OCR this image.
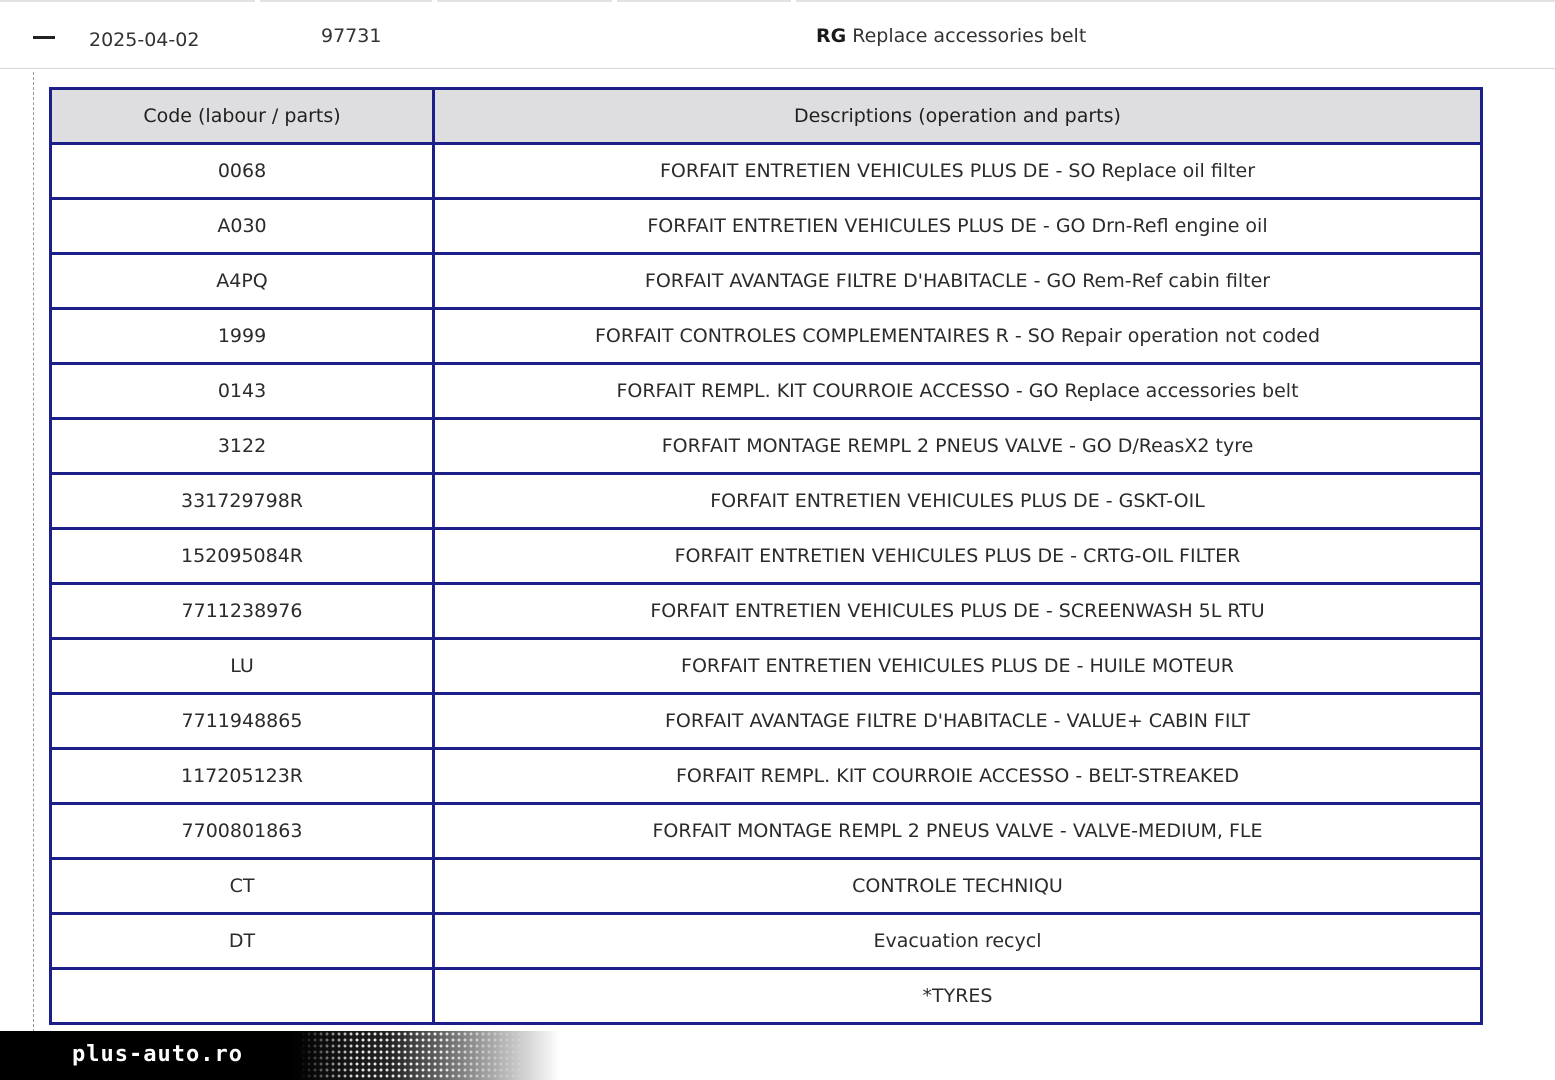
2025-04-02	97731	RG Replace accessories belt
Code (labour / parts)	Descriptions (operation and parts)
0068	FORFAIT ENTRETIEN VEHICULES PLUS DE - SO Replace oil filter
A030	FORFAIT ENTRETIEN VEHICULES PLUS DE - GO Drn-Refl engine oil
A4PQ	FORFAIT AVANTAGE FILTRE D'HABITACLE - GO Rem-Ref cabin filter
1999	FORFAIT CONTROLES COMPLEMENTAIRES R - SO Repair operation not coded
0143	FORFAIT REMPL. KIT COURROIE ACCESSO - GO Replace accessories belt
3122	FORFAIT MONTAGE REMPL 2 PNEUS VALVE - GO D/ReasX2 tyre
331729798R	FORFAIT ENTRETIEN VEHICULES PLUS DE - GSKT-OIL
152095084R	FORFAIT ENTRETIEN VEHICULES PLUS DE - CRTG-OIL FILTER
7711238976	FORFAIT ENTRETIEN VEHICULES PLUS DE - SCREENWASH 5L RTU
LU	FORFAIT ENTRETIEN VEHICULES PLUS DE - HUILE MOTEUR
7711948865	FORFAIT AVANTAGE FILTRE D'HABITACLE - VALUE+ CABIN FILT
117205123R	FORFAIT REMPL. KIT COURROIE ACCESSO - BELT-STREAKED
7700801863	FORFAIT MONTAGE REMPL 2 PNEUS VALVE - VALVE-MEDIUM, FLE
CT	CONTROLE TECHNIQU
DT	Evacuation recycl
	*TYRES
plus-auto.ro
